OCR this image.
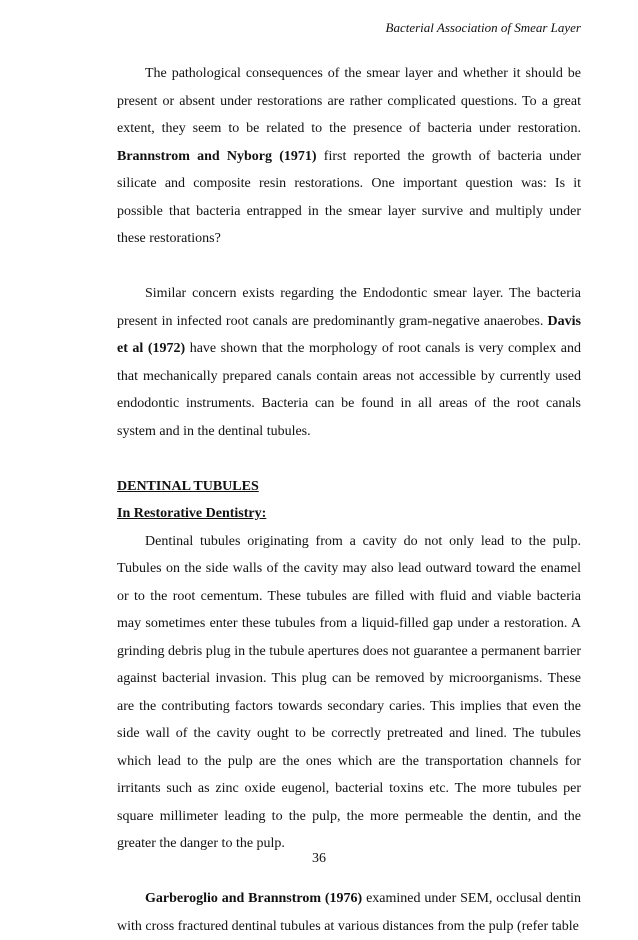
Bacterial Association of Smear Layer

The pathological consequences of the smear layer and whether it should be present or absent under restorations are rather complicated questions. To a great extent, they seem to be related to the presence of bacteria under restoration. Brannstrom and Nyborg (1971) first reported the growth of bacteria under silicate and composite resin restorations. One important question was: Is it possible that bacteria entrapped in the smear layer survive and multiply under these restorations?

Similar concern exists regarding the Endodontic smear layer. The bacteria present in infected root canals are predominantly gram-negative anaerobes. Davis et al (1972) have shown that the morphology of root canals is very complex and that mechanically prepared canals contain areas not accessible by currently used endodontic instruments. Bacteria can be found in all areas of the root canals system and in the dentinal tubules.

DENTINAL TUBULES

In Restorative Dentistry:

Dentinal tubules originating from a cavity do not only lead to the pulp. Tubules on the side walls of the cavity may also lead outward toward the enamel or to the root cementum. These tubules are filled with fluid and viable bacteria may sometimes enter these tubules from a liquid-filled gap under a restoration. A grinding debris plug in the tubule apertures does not guarantee a permanent barrier against bacterial invasion. This plug can be removed by microorganisms. These are the contributing factors towards secondary caries. This implies that even the side wall of the cavity ought to be correctly pretreated and lined. The tubules which lead to the pulp are the ones which are the transportation channels for irritants such as zinc oxide eugenol, bacterial toxins etc. The more tubules per square millimeter leading to the pulp, the more permeable the dentin, and the greater the danger to the pulp.

Garberoglio and Brannstrom (1976) examined under SEM, occlusal dentin with cross fractured dentinal tubules at various distances from the pulp (refer table

36
